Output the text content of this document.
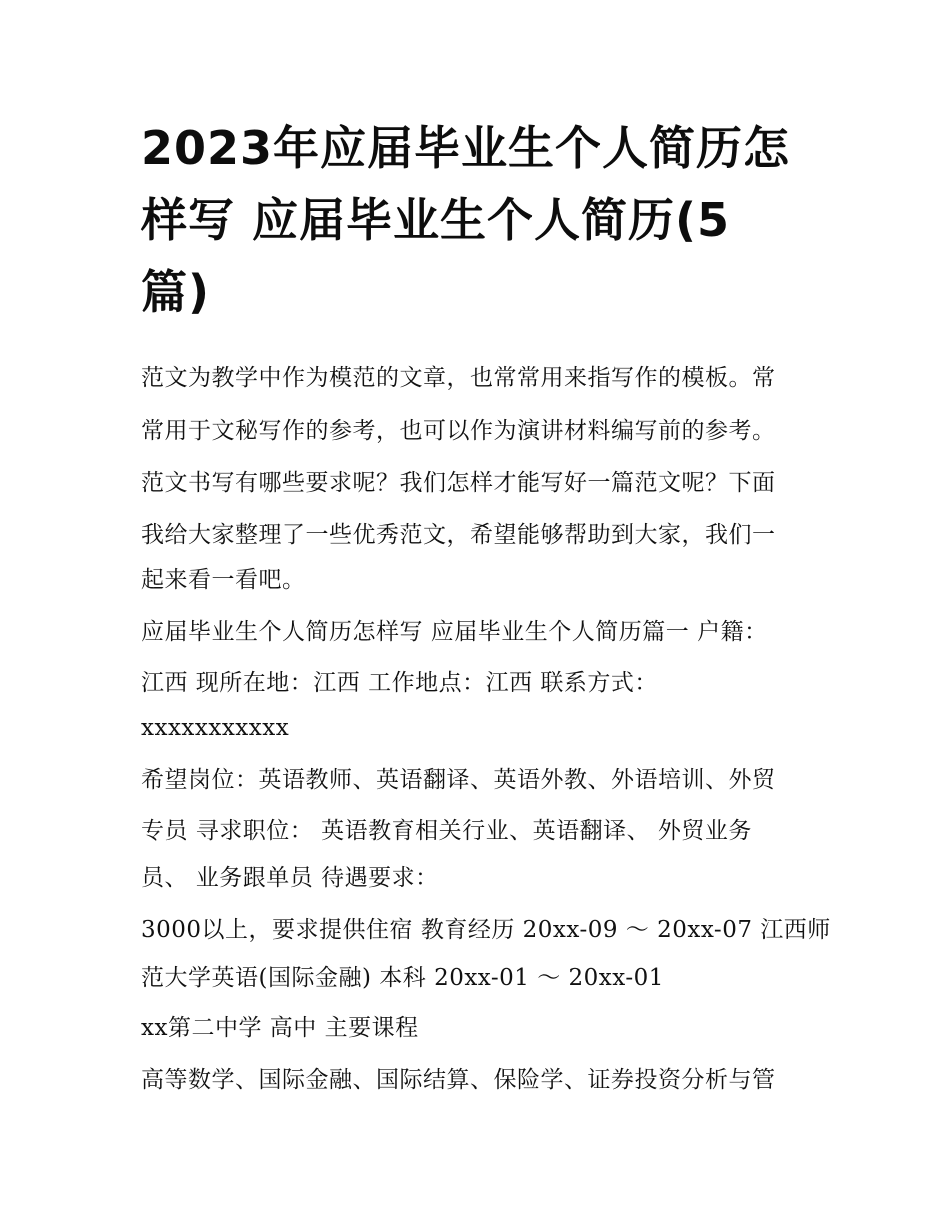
2023年应届毕业生个人简历怎
样写 应届毕业生个人简历(5
篇)

范文为教学中作为模范的文章，也常常用来指写作的模板。常

常用于文秘写作的参考，也可以作为演讲材料编写前的参考。

范文书写有哪些要求呢？我们怎样才能写好一篇范文呢？下面

我给大家整理了一些优秀范文，希望能够帮助到大家，我们一

起来看一看吧。

应届毕业生个人简历怎样写 应届毕业生个人简历篇一 户籍：

江西 现所在地：江西 工作地点：江西 联系方式：

xxxxxxxxxxx

希望岗位：英语教师、英语翻译、英语外教、外语培训、外贸

专员 寻求职位： 英语教育相关行业、英语翻译、 外贸业务

员、 业务跟单员 待遇要求：

3000以上，要求提供住宿 教育经历 20xx-09 ～ 20xx-07 江西师

范大学英语(国际金融) 本科 20xx-01 ～ 20xx-01

xx第二中学 高中 主要课程

高等数学、国际金融、国际结算、保险学、证券投资分析与管
